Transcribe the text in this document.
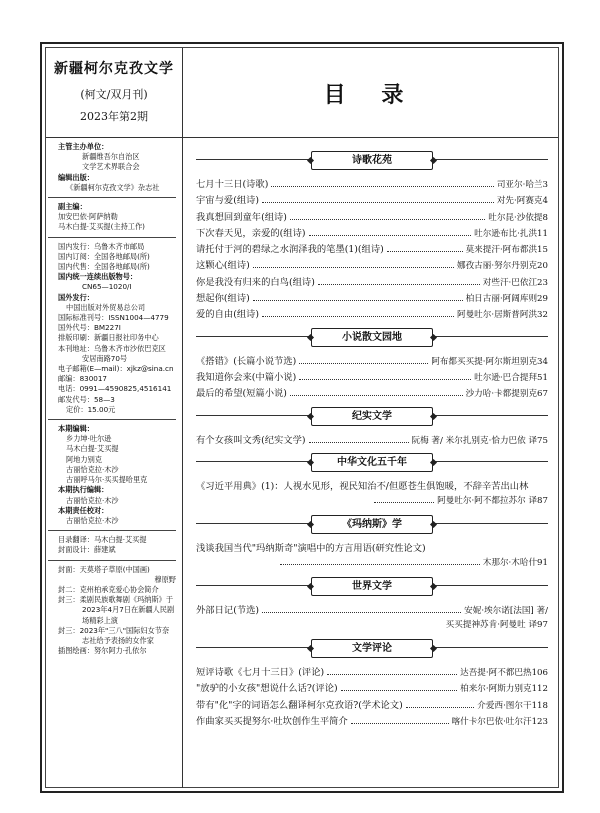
新疆柯尔克孜文学
(柯文/双月刊)
2023年第2期
目 录
主管主办单位：
新疆维吾尔自治区
文学艺术界联合会
编辑出版：
《新疆柯尔克孜文学》杂志社
副主编：
加安巴依·阿萨纳勒
马木白提·艾买提(主持工作)
国内发行：乌鲁木齐市邮局
国内订阅：全国各地邮局(所)
国内代售：全国各地邮局(所)
国内统一连续出版物号：
CN65—1020/I
国外发行：
中国出版对外贸易总公司
国际标准刊号：ISSN1004—4779
国外代号：BM227I
排版印刷：新疆日报社印务中心
本刊地址：乌鲁木齐市沙依巴克区
安居南路70号
电子邮箱(E—mail)：xjkz@sina.cn
邮编：830017
电话：0991—4590825,4516141
邮发代号：58—3
定价：15.00元
本期编辑：
乡力坤·吐尔逊
马木白提·艾买提
阿地力别克
古丽恰克拉·木沙
古丽呼马尔·买买提哈里克
本期执行编辑：
古丽恰克拉·木沙
本期责任校对：
古丽恰克拉·木沙
目录翻译：马木白提·艾买提
封面设计：薛建斌
封面：天莫塔子草原(中国画)
穆原野
封二：克州柏承克爱心协会简介
封三：柔剧民族歌舞剧《玛纳斯》于
2023年4月7日在新疆人民剧
场精彩上演
封三：2023年"三八"国际妇女节奈
志社给予表扬的女作家
插图绘画：努尔阿力·孔依尔
诗歌花苑
七月十三日(诗歌)	司亚尔·哈兰3
宇宙与爱(组诗)	对先·阿赛克4
我真想回到童年(组诗)	吐尔昆·沙依提8
下次春天见，亲爱的(组诗)	吐尔逊布比·扎洪11
请托付于河的碧绿之水润泽我的笔墨(1)(组诗)	莫来提汗·阿布都洪15
这颗心(组诗)	娜孜古丽·努尔丹别克20
你是我没有归来的白鸟(组诗)	对些汗·巴依江23
想起你(组诗)	柏日古丽·阿阔库则29
爱的自由(组诗)	阿曼吐尔·居斯普阿洪32
小说散文园地
《搭错》(长篇小说节选)	阿布都买买提·阿尔斯坦别克34
我知道你会来(中篇小说)	吐尔逊·巴合提拜51
最后的希望(短篇小说)	沙力哈·卡都提别克67
纪实文学
有个女孩叫文秀(纪实文学)	阮梅 著/ 米尔扎别克·恰力巴依 译75
中华文化五千年
《习近平用典》(1)：人视水见形，视民知治不/但愿苍生俱饱暖，不辞辛苦出山林
阿曼吐尔·阿不都拉苏尔 译87
《玛纳斯》学
浅谈我国当代"玛纳斯奇"演唱中的方言用语(研究性论文)
木那尔·木哈什91
世界文学
外部日记(节选)	安妮·埃尔诺[法国] 著/
买买提神苏肯·阿曼吐 译97
文学评论
短评诗歌《七月十三日》(评论)	达吾提·阿不都巴热106
"放驴的小女孩"想说什么话?(评论)	柏来尔·阿斯力别克112
带有"化"字的词语怎么翻译柯尔克孜语?(学术论文)	介爱西·图尔干118
作曲家买买提努尔·吐坎创作生平简介	喀什卡尔巴依·吐尔汗123
